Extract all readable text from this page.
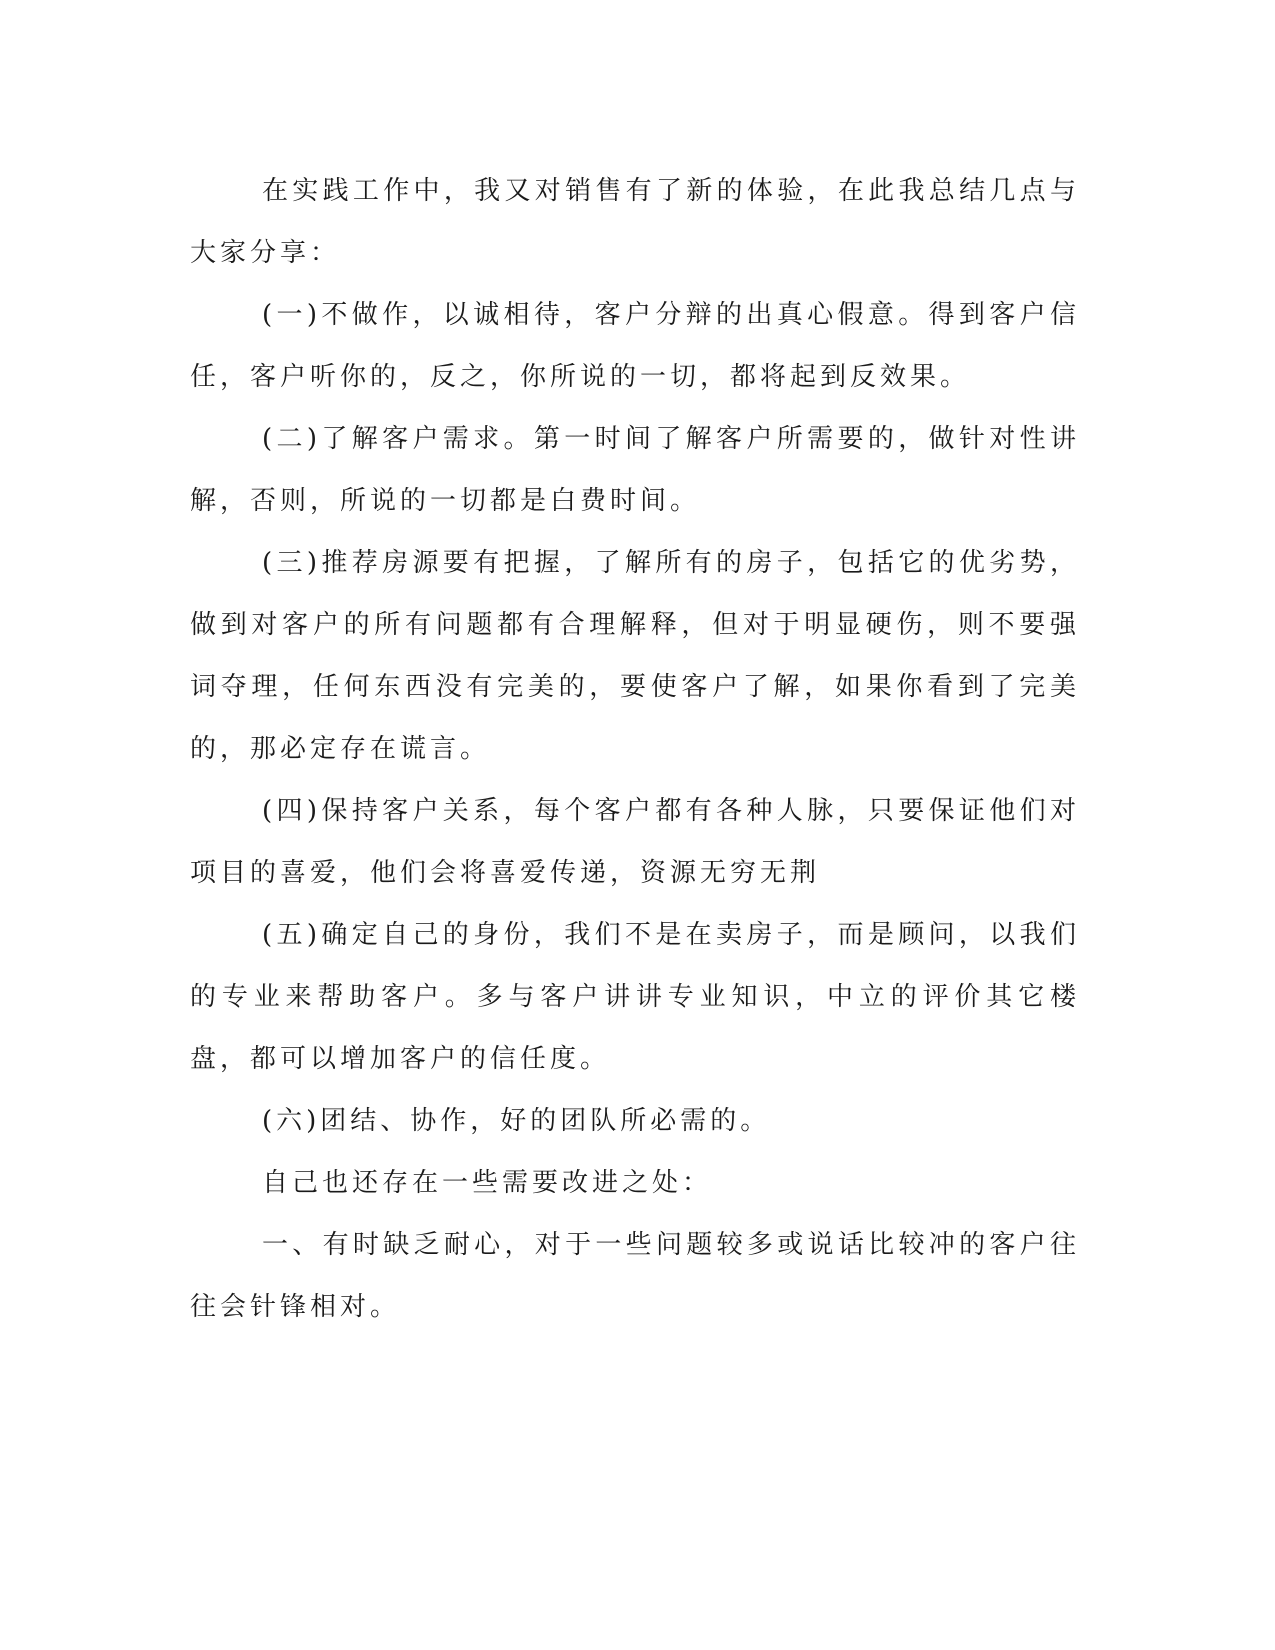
在实践工作中，我又对销售有了新的体验，在此我总结几点与大家分享：

(一)不做作，以诚相待，客户分辩的出真心假意。得到客户信任，客户听你的，反之，你所说的一切，都将起到反效果。

(二)了解客户需求。第一时间了解客户所需要的，做针对性讲解，否则，所说的一切都是白费时间。

(三)推荐房源要有把握，了解所有的房子，包括它的优劣势，做到对客户的所有问题都有合理解释，但对于明显硬伤，则不要强词夺理，任何东西没有完美的，要使客户了解，如果你看到了完美的，那必定存在谎言。

(四)保持客户关系，每个客户都有各种人脉，只要保证他们对项目的喜爱，他们会将喜爱传递，资源无穷无荆

(五)确定自己的身份，我们不是在卖房子，而是顾问，以我们的专业来帮助客户。多与客户讲讲专业知识，中立的评价其它楼盘，都可以增加客户的信任度。

(六)团结、协作，好的团队所必需的。

自己也还存在一些需要改进之处：

一、有时缺乏耐心，对于一些问题较多或说话比较冲的客户往往会针锋相对。
